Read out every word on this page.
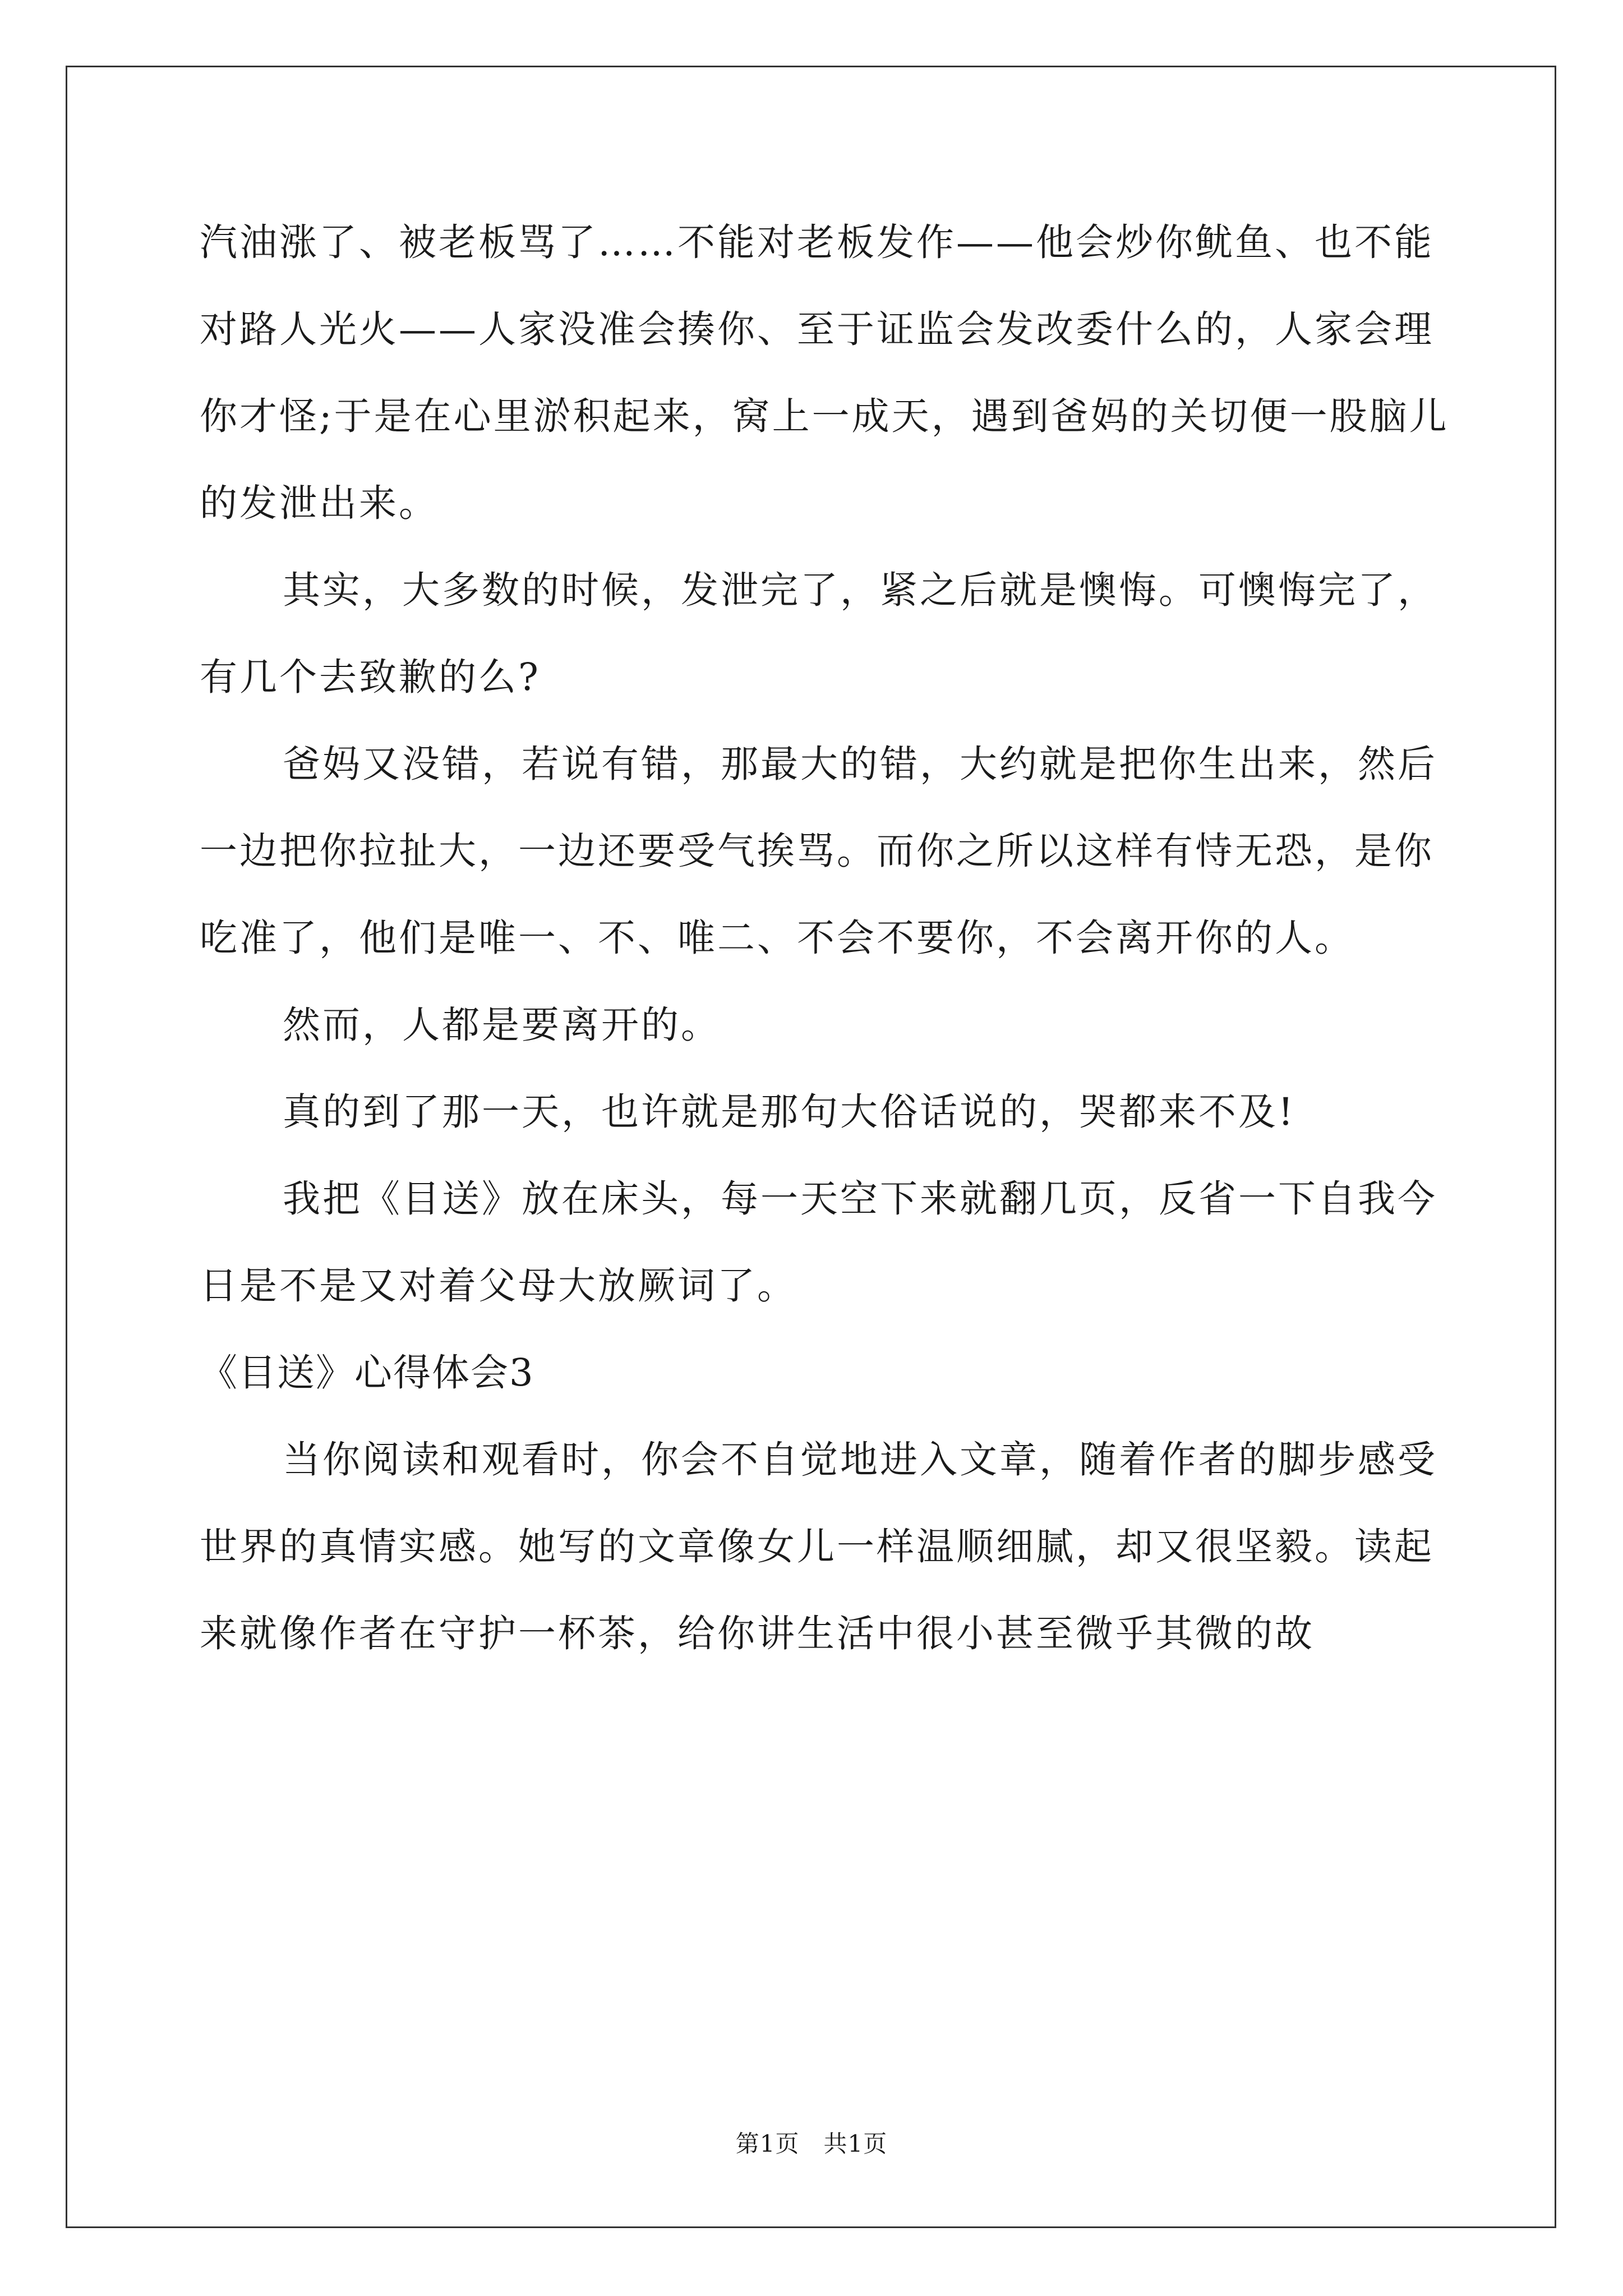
汽油涨了、被老板骂了……不能对老板发作——他会炒你鱿鱼、也不能对路人光火——人家没准会揍你、至于证监会发改委什么的，人家会理你才怪;于是在心里淤积起来，窝上一成天，遇到爸妈的关切便一股脑儿的发泄出来。

其实，大多数的时候，发泄完了，紧之后就是懊悔。可懊悔完了，有几个去致歉的么?

爸妈又没错，若说有错，那最大的错，大约就是把你生出来，然后一边把你拉扯大，一边还要受气挨骂。而你之所以这样有恃无恐，是你吃准了，他们是唯一、不、唯二、不会不要你，不会离开你的人。

然而，人都是要离开的。

真的到了那一天，也许就是那句大俗话说的，哭都来不及!

我把《目送》放在床头，每一天空下来就翻几页，反省一下自我今日是不是又对着父母大放厥词了。

《目送》心得体会3

当你阅读和观看时，你会不自觉地进入文章，随着作者的脚步感受世界的真情实感。她写的文章像女儿一样温顺细腻，却又很坚毅。读起来就像作者在守护一杯茶，给你讲生活中很小甚至微乎其微的故

第1页　共1页
